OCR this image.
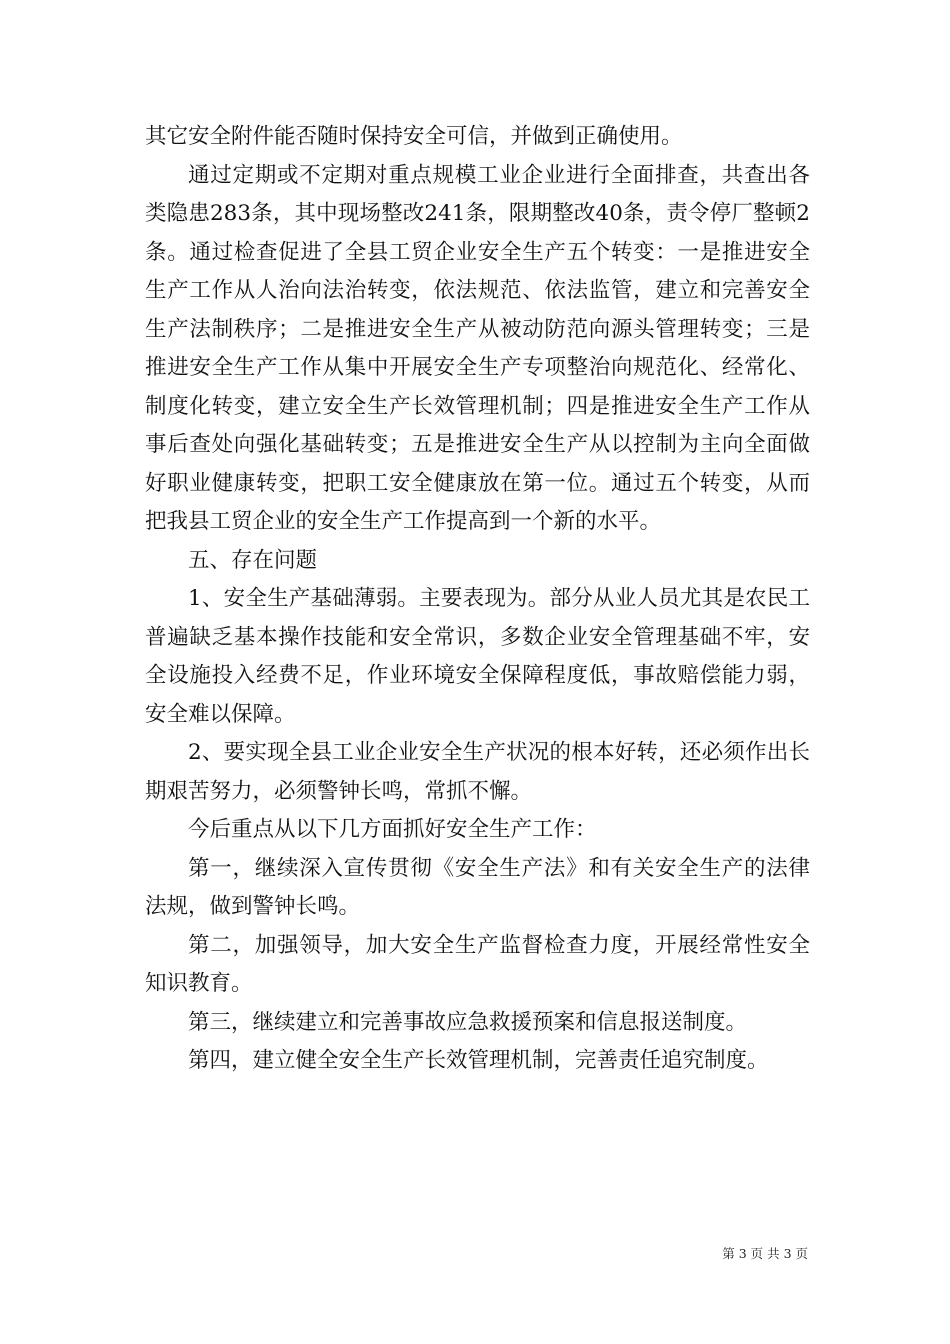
其它安全附件能否随时保持安全可信，并做到正确使用。

通过定期或不定期对重点规模工业企业进行全面排查，共查出各类隐患283条，其中现场整改241条，限期整改40条，责令停厂整顿2条。通过检查促进了全县工贸企业安全生产五个转变：一是推进安全生产工作从人治向法治转变，依法规范、依法监管，建立和完善安全生产法制秩序；二是推进安全生产从被动防范向源头管理转变；三是推进安全生产工作从集中开展安全生产专项整治向规范化、经常化、制度化转变，建立安全生产长效管理机制；四是推进安全生产工作从事后查处向强化基础转变；五是推进安全生产从以控制为主向全面做好职业健康转变，把职工安全健康放在第一位。通过五个转变，从而把我县工贸企业的安全生产工作提高到一个新的水平。

五、存在问题

1、安全生产基础薄弱。主要表现为。部分从业人员尤其是农民工普遍缺乏基本操作技能和安全常识，多数企业安全管理基础不牢，安全设施投入经费不足，作业环境安全保障程度低，事故赔偿能力弱，安全难以保障。

2、要实现全县工业企业安全生产状况的根本好转，还必须作出长期艰苦努力，必须警钟长鸣，常抓不懈。

今后重点从以下几方面抓好安全生产工作：

第一，继续深入宣传贯彻《安全生产法》和有关安全生产的法律法规，做到警钟长鸣。

第二，加强领导，加大安全生产监督检查力度，开展经常性安全知识教育。

第三，继续建立和完善事故应急救援预案和信息报送制度。

第四，建立健全安全生产长效管理机制，完善责任追究制度。

第 3 页 共 3 页
